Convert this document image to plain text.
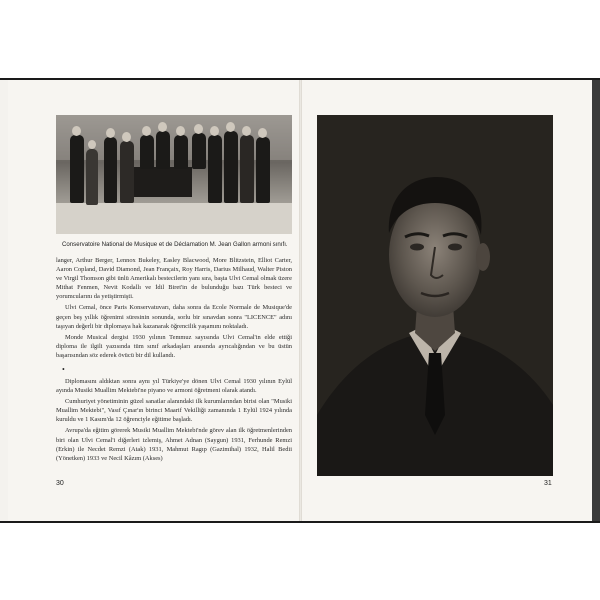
Conservatoire National de Musique et de Déclamation M. Jean Gallon armoni sınıfı.

langer, Arthur Berger, Lennox Bukeley, Easley Blacwood, More Blitzstein, Elliot Carter, Aaron Copland, David Diamond, Jean Françaix, Roy Harris, Darius Milhaud, Walter Piston ve Virgil Thomson gibi ünlü Amerikalı bestecilerin yanı sıra, başta Ulvi Cemal olmak üzere Mithat Fenmen, Nevit Kodallı ve İdil Biret'in de bulunduğu bazı Türk besteci ve yorumcularını da yetiştirmişti.

Ulvi Cemal, önce Paris Konservatuvarı, daha sonra da Ecole Normale de Musique'de geçen beş yıllık öğrenimi süresinin sonunda, sorlu bir sınavdan sonra "LICENCE" adını taşıyan değerli bir diplomaya hak kazanarak öğrencilik yaşamını noktaladı.

Monde Musical dergisi 1930 yılının Temmuz sayısında Ulvi Cemal'in elde ettiği diploma ile ilgili yazısında tüm sınıf arkadaşları arasında ayrıcalığından ve bu üstün başarısından söz ederek övücü bir dil kullandı.

•

Diplomasını aldıktan sonra aynı yıl Türkiye'ye dönen Ulvi Cemal 1930 yılının Eylül ayında Musiki Muallim Mektebi'ne piyano ve armoni öğretmeni olarak atandı.

Cumhuriyet yönetiminin güzel sanatlar alanındaki ilk kurumlarından birisi olan "Musiki Muallim Mektebi", Vasıf Çınar'ın birinci Maarif Vekilliği zamanında 1 Eylül 1924 yılında kuruldu ve 1 Kasım'da 12 öğrenciyle eğitime başladı.

Avrupa'da eğitim görerek Musiki Muallim Mektebi'nde görev alan ilk öğretmenlerinden biri olan Ulvi Cemal'i diğerleri izlemiş, Ahmet Adnan (Saygun) 1931, Ferhunde Remzi (Erkin) ile Necdet Remzi (Atak) 1931, Mahmut Ragıp (Gazimihal) 1932, Halil Bedii (Yönetken) 1933 ve Necil Kâzım (Akses)

30	31
